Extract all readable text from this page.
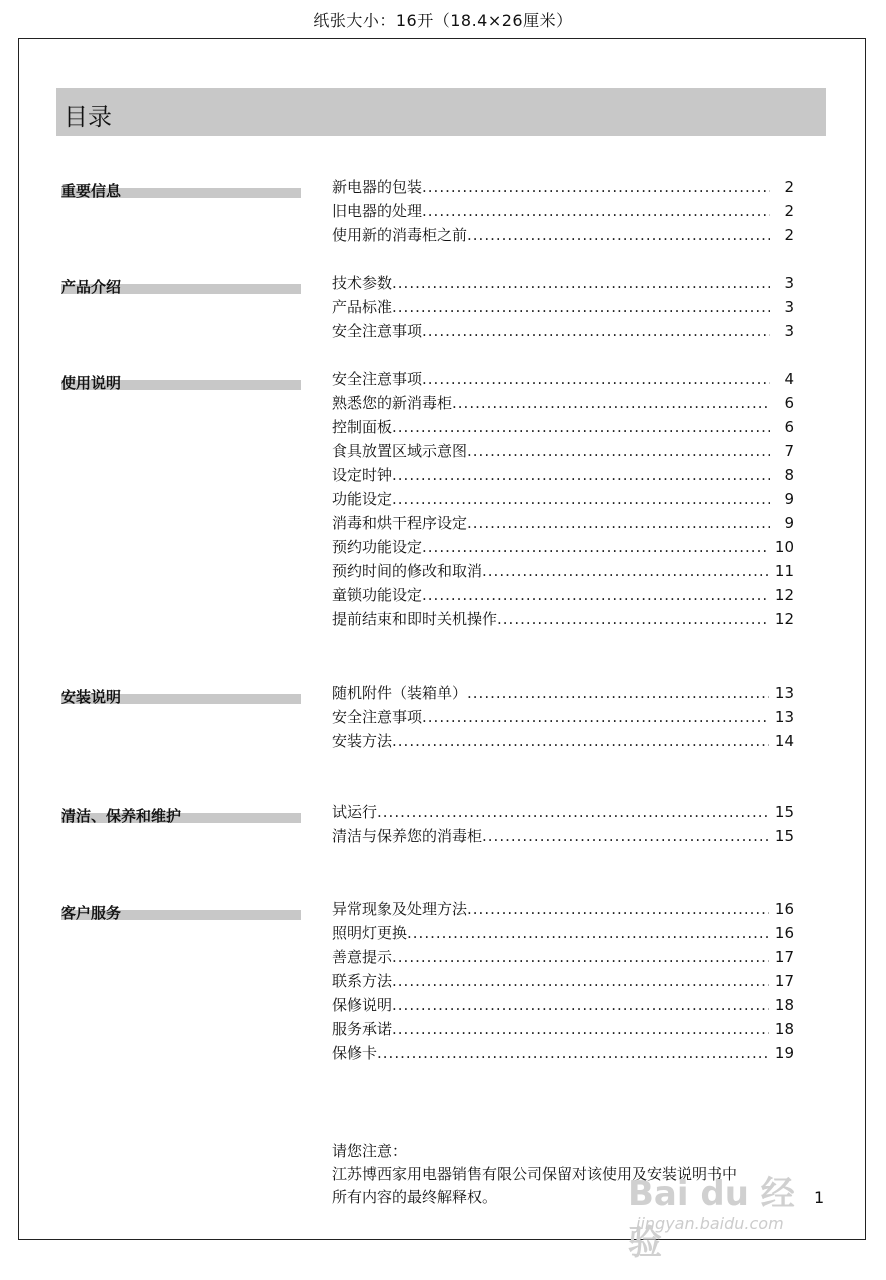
纸张大小：16开（18.4×26厘米）
目录
重要信息	新电器的包装 .....	2
旧电器的处理 .....	2
使用新的消毒柜之前 .....	2
产品介绍	技术参数 .....	3
产品标准 .....	3
安全注意事项 .....	3
使用说明	安全注意事项 .....	4
熟悉您的新消毒柜 .....	6
控制面板 .....	6
食具放置区域示意图 .....	7
设定时钟 .....	8
功能设定 .....	9
消毒和烘干程序设定 .....	9
预约功能设定 .....	10
预约时间的修改和取消 .....	11
童锁功能设定 .....	12
提前结束和即时关机操作 .....	12
安装说明	随机附件（装箱单） .....	13
安全注意事项 .....	13
安装方法 .....	14
清洁、保养和维护	试运行 .....	15
清洁与保养您的消毒柜 .....	15
客户服务	异常现象及处理方法 .....	16
照明灯更换 .....	16
善意提示 .....	17
联系方法 .....	17
保修说明 .....	18
服务承诺 .....	18
保修卡 .....	19
请您注意：
江苏博西家用电器销售有限公司保留对该使用及安装说明书中
所有内容的最终解释权。	Bai du 经验
jingyan.baidu.com
1
